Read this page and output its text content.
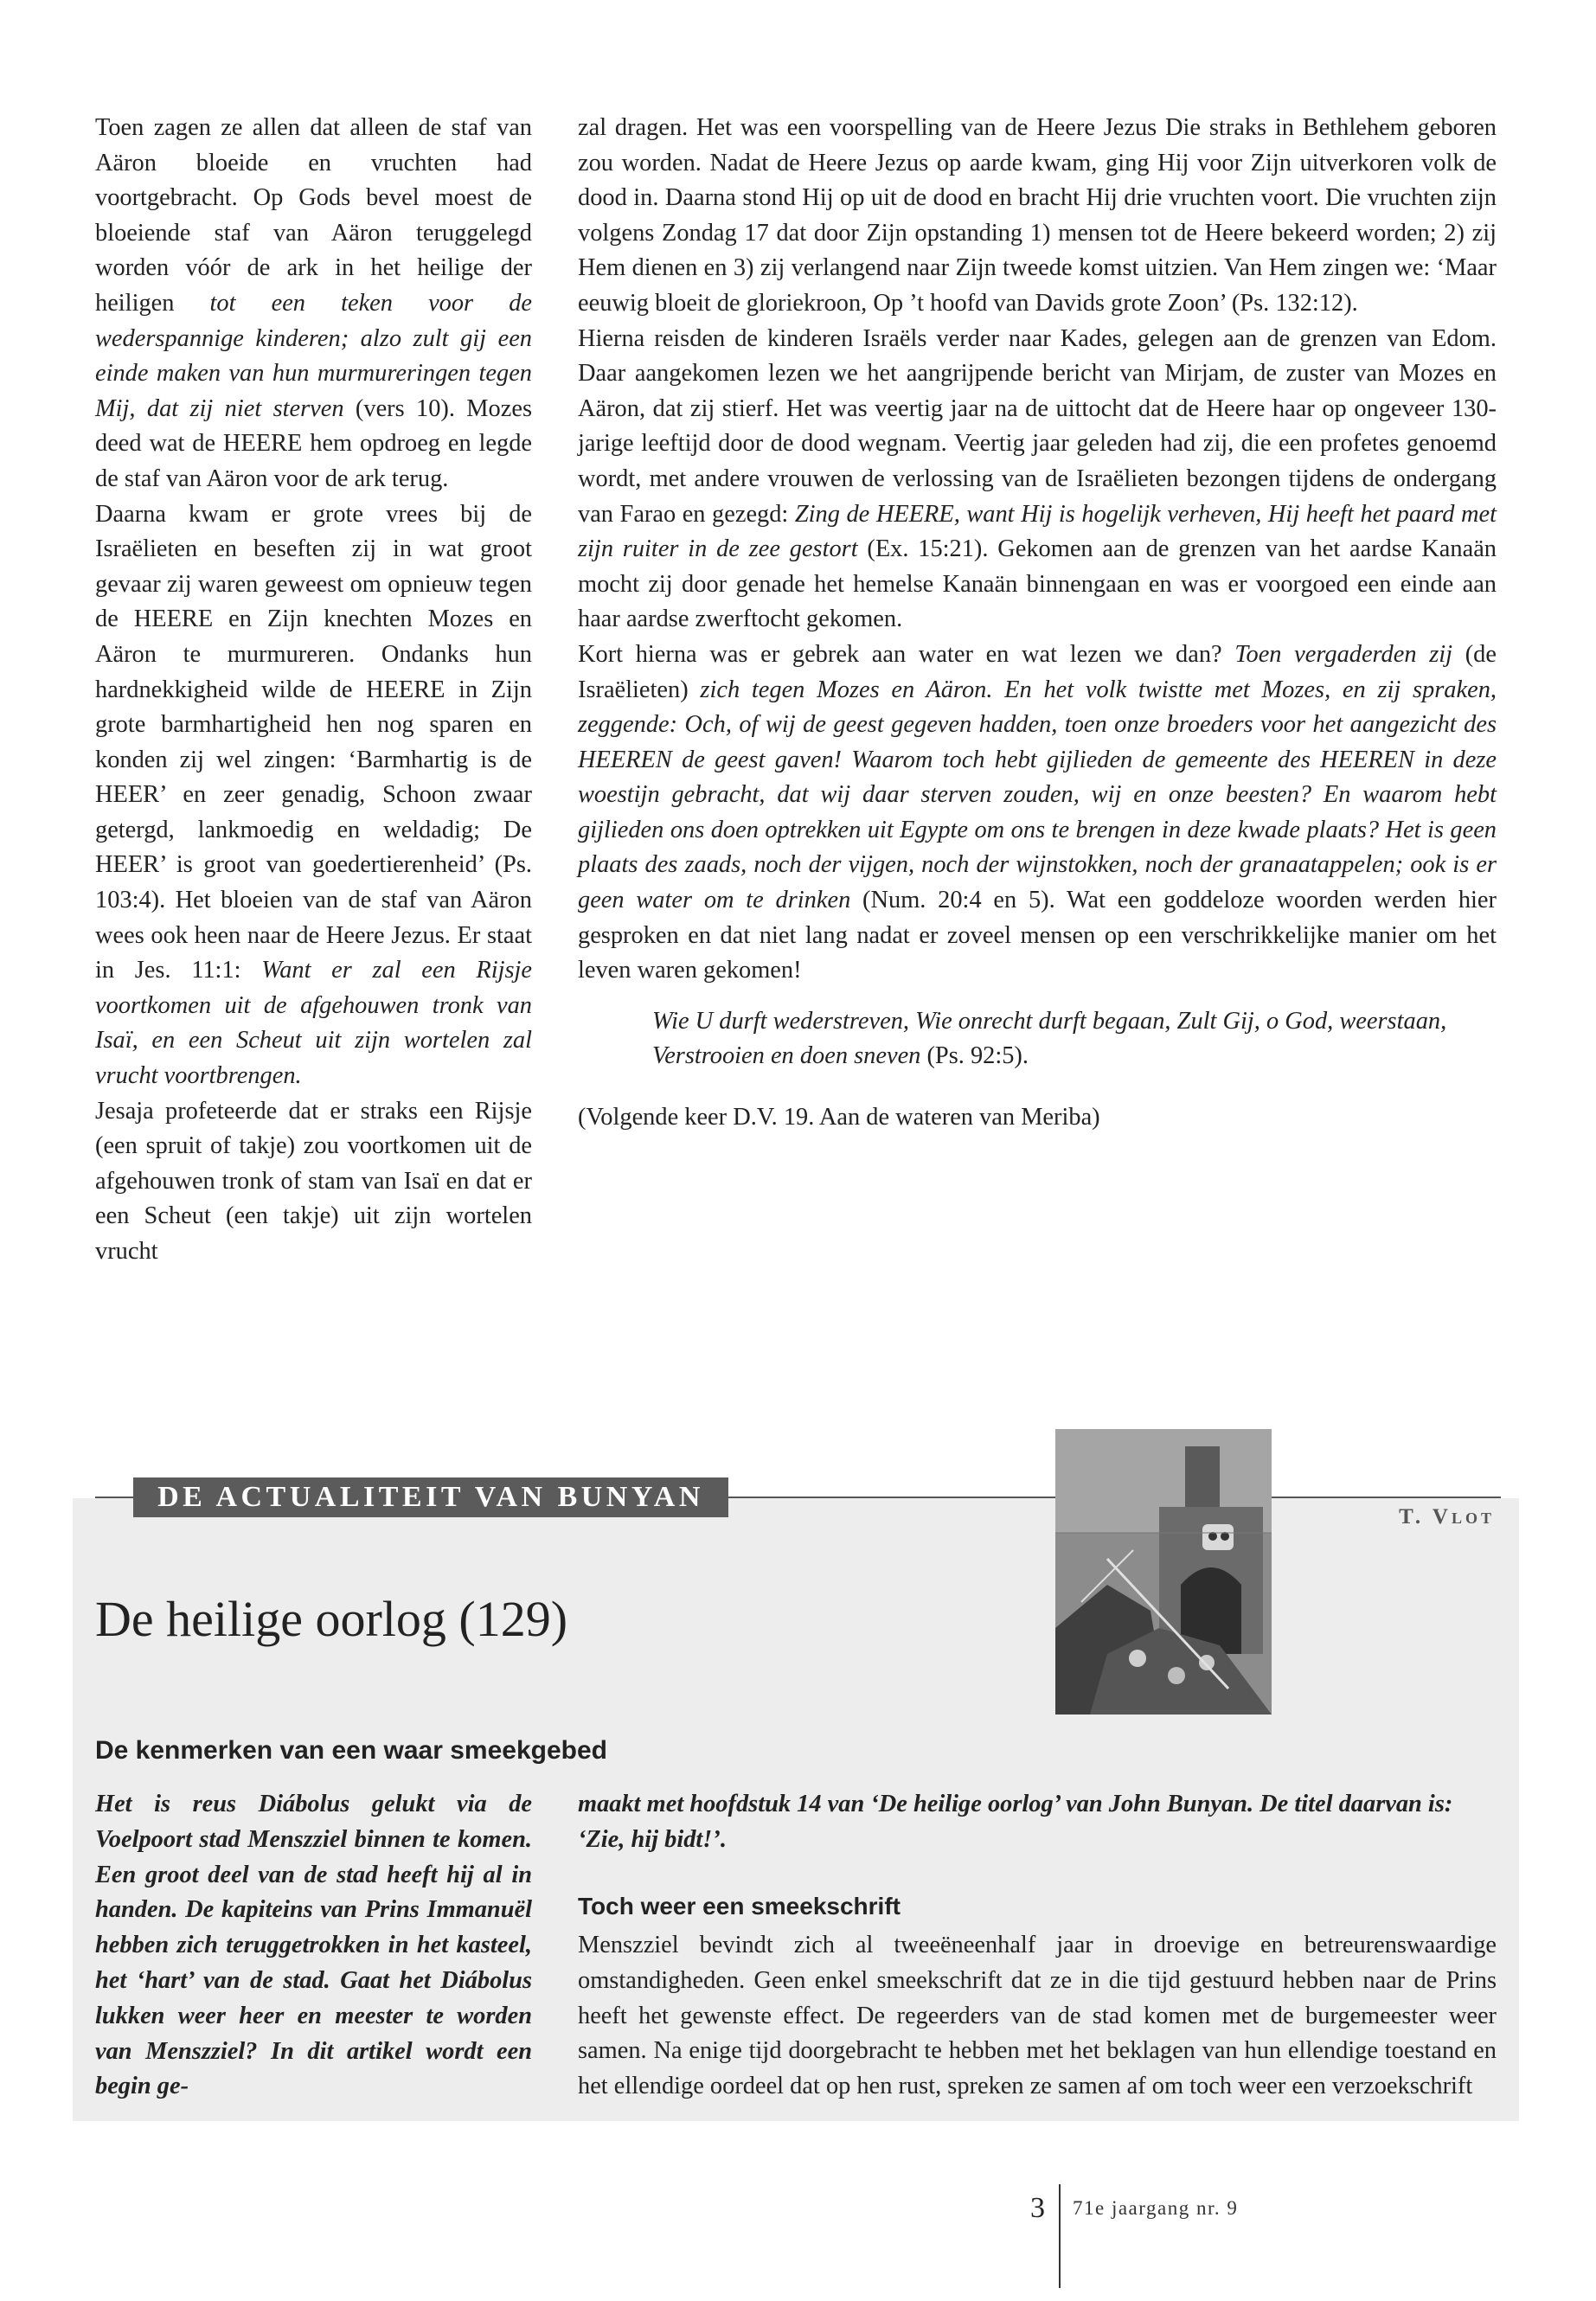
Toen zagen ze allen dat alleen de staf van Aäron bloeide en vruchten had voortgebracht. Op Gods bevel moest de bloeiende staf van Aäron teruggelegd worden vóór de ark in het heilige der heiligen tot een teken voor de wederspannige kinderen; alzo zult gij een einde maken van hun murmureringen tegen Mij, dat zij niet sterven (vers 10). Mozes deed wat de HEERE hem opdroeg en legde de staf van Aäron voor de ark terug.

Daarna kwam er grote vrees bij de Israëlieten en beseften zij in wat groot gevaar zij waren geweest om opnieuw tegen de HEERE en Zijn knechten Mozes en Aäron te murmureren. Ondanks hun hardnekkigheid wilde de HEERE in Zijn grote barmhartigheid hen nog sparen en konden zij wel zingen: ‘Barmhartig is de HEER’ en zeer genadig, Schoon zwaar getergd, lankmoedig en weldadig; De HEER’ is groot van goedertierenheid’ (Ps. 103:4). Het bloeien van de staf van Aäron wees ook heen naar de Heere Jezus. Er staat in Jes. 11:1: Want er zal een Rijsje voortkomen uit de afgehouwen tronk van Isaï, en een Scheut uit zijn wortelen zal vrucht voortbrengen.

Jesaja profeteerde dat er straks een Rijsje (een spruit of takje) zou voortkomen uit de afgehouwen tronk of stam van Isaï en dat er een Scheut (een takje) uit zijn wortelen vrucht

zal dragen. Het was een voorspelling van de Heere Jezus Die straks in Bethlehem geboren zou worden. Nadat de Heere Jezus op aarde kwam, ging Hij voor Zijn uitverkoren volk de dood in. Daarna stond Hij op uit de dood en bracht Hij drie vruchten voort. Die vruchten zijn volgens Zondag 17 dat door Zijn opstanding 1) mensen tot de Heere bekeerd worden; 2) zij Hem dienen en 3) zij verlangend naar Zijn tweede komst uitzien. Van Hem zingen we: ‘Maar eeuwig bloeit de gloriekroon, Op ’t hoofd van Davids grote Zoon’ (Ps. 132:12).

Hierna reisden de kinderen Israëls verder naar Kades, gelegen aan de grenzen van Edom. Daar aangekomen lezen we het aangrijpende bericht van Mirjam, de zuster van Mozes en Aäron, dat zij stierf. Het was veertig jaar na de uittocht dat de Heere haar op ongeveer 130-jarige leeftijd door de dood wegnam. Veertig jaar geleden had zij, die een profetes genoemd wordt, met andere vrouwen de verlossing van de Israëlieten bezongen tijdens de ondergang van Farao en gezegd: Zing de HEERE, want Hij is hogelijk verheven, Hij heeft het paard met zijn ruiter in de zee gestort (Ex. 15:21). Gekomen aan de grenzen van het aardse Kanaän mocht zij door genade het hemelse Kanaän binnengaan en was er voorgoed een einde aan haar aardse zwerftocht gekomen.

Kort hierna was er gebrek aan water en wat lezen we dan? Toen vergaderden zij (de Israëlieten) zich tegen Mozes en Aäron. En het volk twistte met Mozes, en zij spraken, zeggende: Och, of wij de geest gegeven hadden, toen onze broeders voor het aangezicht des HEEREN de geest gaven! Waarom toch hebt gijlieden de gemeente des HEEREN in deze woestijn gebracht, dat wij daar sterven zouden, wij en onze beesten? En waarom hebt gijlieden ons doen optrekken uit Egypte om ons te brengen in deze kwade plaats? Het is geen plaats des zaads, noch der vijgen, noch der wijnstokken, noch der granaatappelen; ook is er geen water om te drinken (Num. 20:4 en 5). Wat een goddeloze woorden werden hier gesproken en dat niet lang nadat er zoveel mensen op een verschrikkelijke manier om het leven waren gekomen!

Wie U durft wederstreven, Wie onrecht durft begaan, Zult Gij, o God, weerstaan,
Verstrooien en doen sneven (Ps. 92:5).

(Volgende keer D.V. 19. Aan de wateren van Meriba)

DE ACTUALITEIT VAN BUNYAN
T. Vlot
De heilige oorlog (129)
De kenmerken van een waar smeekgebed

Het is reus Diábolus gelukt via de Voelpoort stad Menszziel binnen te komen. Een groot deel van de stad heeft hij al in handen. De kapiteins van Prins Immanuël hebben zich teruggetrokken in het kasteel, het ‘hart’ van de stad. Gaat het Diábolus lukken weer heer en meester te worden van Menszziel? In dit artikel wordt een begin ge-

maakt met hoofdstuk 14 van ‘De heilige oorlog’ van John Bunyan. De titel daarvan is: ‘Zie, hij bidt!’.

Toch weer een smeekschrift

Menszziel bevindt zich al tweeëneenhalf jaar in droevige en betreurenswaardige omstandigheden. Geen enkel smeekschrift dat ze in die tijd gestuurd hebben naar de Prins heeft het gewenste effect. De regeerders van de stad komen met de burgemeester weer samen. Na enige tijd doorgebracht te hebben met het beklagen van hun ellendige toestand en het ellendige oordeel dat op hen rust, spreken ze samen af om toch weer een verzoekschrift

3 71e jaargang nr. 9
